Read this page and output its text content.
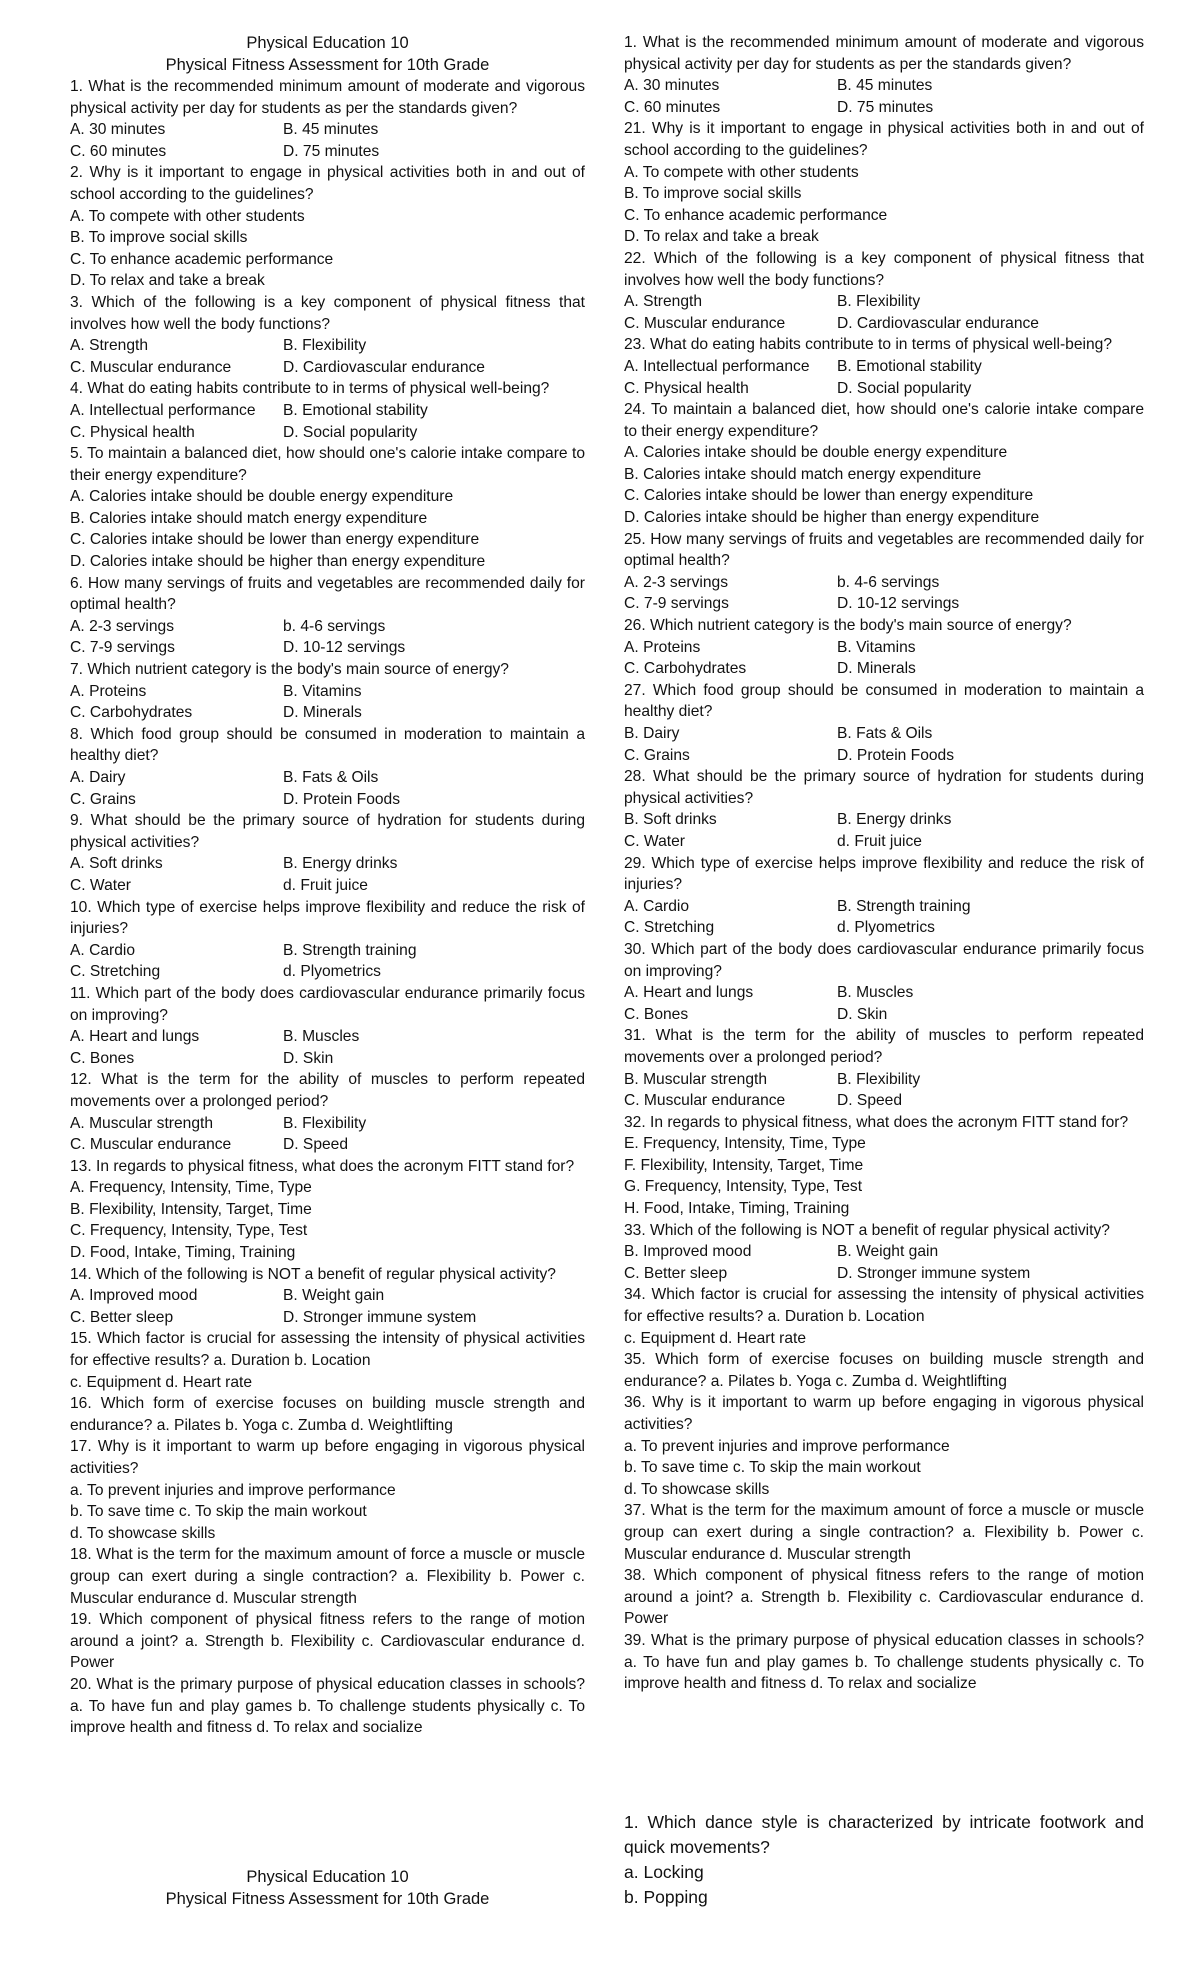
Physical Education 10
Physical Fitness Assessment for 10th Grade
1. What is the recommended minimum amount of moderate and vigorous physical activity per day for students as per the standards given?
A. 30 minutes	B. 45 minutes
C. 60 minutes	D. 75 minutes
2. Why is it important to engage in physical activities both in and out of school according to the guidelines?
A. To compete with other students
B. To improve social skills
C. To enhance academic performance
D. To relax and take a break
3. Which of the following is a key component of physical fitness that involves how well the body functions?
A. Strength	B. Flexibility
C. Muscular endurance	D. Cardiovascular endurance
4. What do eating habits contribute to in terms of physical well-being?
A. Intellectual performance	B. Emotional stability
C. Physical health	D. Social popularity
5. To maintain a balanced diet, how should one's calorie intake compare to their energy expenditure?
A. Calories intake should be double energy expenditure
B. Calories intake should match energy expenditure
C. Calories intake should be lower than energy expenditure
D. Calories intake should be higher than energy expenditure
6. How many servings of fruits and vegetables are recommended daily for optimal health?
A. 2-3 servings	b. 4-6 servings
C. 7-9 servings	D. 10-12 servings
7. Which nutrient category is the body's main source of energy?
A. Proteins	B. Vitamins
C. Carbohydrates	D. Minerals
8. Which food group should be consumed in moderation to maintain a healthy diet?
A. Dairy	B. Fats & Oils
C. Grains	D. Protein Foods
9. What should be the primary source of hydration for students during physical activities?
A. Soft drinks	B. Energy drinks
C. Water	d. Fruit juice
10. Which type of exercise helps improve flexibility and reduce the risk of injuries?
A. Cardio	B. Strength training
C. Stretching	d. Plyometrics
11. Which part of the body does cardiovascular endurance primarily focus on improving?
A. Heart and lungs	B. Muscles
C. Bones	D. Skin
12. What is the term for the ability of muscles to perform repeated movements over a prolonged period?
A. Muscular strength	B. Flexibility
C. Muscular endurance	D. Speed
13. In regards to physical fitness, what does the acronym FITT stand for?
A. Frequency, Intensity, Time, Type
B. Flexibility, Intensity, Target, Time
C. Frequency, Intensity, Type, Test
D. Food, Intake, Timing, Training
14. Which of the following is NOT a benefit of regular physical activity?
A. Improved mood	B. Weight gain
C. Better sleep	D. Stronger immune system
15. Which factor is crucial for assessing the intensity of physical activities for effective results? a. Duration b. Location
c. Equipment d. Heart rate
16. Which form of exercise focuses on building muscle strength and endurance? a. Pilates b. Yoga c. Zumba d. Weightlifting
17. Why is it important to warm up before engaging in vigorous physical activities?
a. To prevent injuries and improve performance
b. To save time c. To skip the main workout
d. To showcase skills
18. What is the term for the maximum amount of force a muscle or muscle group can exert during a single contraction? a. Flexibility b. Power c. Muscular endurance d. Muscular strength
19. Which component of physical fitness refers to the range of motion around a joint? a. Strength b. Flexibility c. Cardiovascular endurance d. Power
20. What is the primary purpose of physical education classes in schools? a. To have fun and play games b. To challenge students physically c. To improve health and fitness d. To relax and socialize
1. What is the recommended minimum amount of moderate and vigorous physical activity per day for students as per the standards given?
A. 30 minutes	B. 45 minutes
C. 60 minutes	D. 75 minutes
21. Why is it important to engage in physical activities both in and out of school according to the guidelines?
A. To compete with other students
B. To improve social skills
C. To enhance academic performance
D. To relax and take a break
22. Which of the following is a key component of physical fitness that involves how well the body functions?
A. Strength	B. Flexibility
C. Muscular endurance	D. Cardiovascular endurance
23. What do eating habits contribute to in terms of physical well-being?
A. Intellectual performance	B. Emotional stability
C. Physical health	D. Social popularity
24. To maintain a balanced diet, how should one's calorie intake compare to their energy expenditure?
A. Calories intake should be double energy expenditure
B. Calories intake should match energy expenditure
C. Calories intake should be lower than energy expenditure
D. Calories intake should be higher than energy expenditure
25. How many servings of fruits and vegetables are recommended daily for optimal health?
A. 2-3 servings	b. 4-6 servings
C. 7-9 servings	D. 10-12 servings
26. Which nutrient category is the body's main source of energy?
A. Proteins	B. Vitamins
C. Carbohydrates	D. Minerals
27. Which food group should be consumed in moderation to maintain a healthy diet?
B. Dairy	B. Fats & Oils
C. Grains	D. Protein Foods
28. What should be the primary source of hydration for students during physical activities?
B. Soft drinks	B. Energy drinks
C. Water	d. Fruit juice
29. Which type of exercise helps improve flexibility and reduce the risk of injuries?
A. Cardio	B. Strength training
C. Stretching	d. Plyometrics
30. Which part of the body does cardiovascular endurance primarily focus on improving?
A. Heart and lungs	B. Muscles
C. Bones	D. Skin
31. What is the term for the ability of muscles to perform repeated movements over a prolonged period?
B. Muscular strength	B. Flexibility
C. Muscular endurance	D. Speed
32. In regards to physical fitness, what does the acronym FITT stand for?
E. Frequency, Intensity, Time, Type
F. Flexibility, Intensity, Target, Time
G. Frequency, Intensity, Type, Test
H. Food, Intake, Timing, Training
33. Which of the following is NOT a benefit of regular physical activity?
B. Improved mood	B. Weight gain
C. Better sleep	D. Stronger immune system
34. Which factor is crucial for assessing the intensity of physical activities for effective results? a. Duration b. Location
c. Equipment d. Heart rate
35. Which form of exercise focuses on building muscle strength and endurance? a. Pilates b. Yoga c. Zumba d. Weightlifting
36. Why is it important to warm up before engaging in vigorous physical activities?
a. To prevent injuries and improve performance
b. To save time c. To skip the main workout
d. To showcase skills
37. What is the term for the maximum amount of force a muscle or muscle group can exert during a single contraction? a. Flexibility b. Power c. Muscular endurance d. Muscular strength
38. Which component of physical fitness refers to the range of motion around a joint? a. Strength b. Flexibility c. Cardiovascular endurance d. Power
39. What is the primary purpose of physical education classes in schools? a. To have fun and play games b. To challenge students physically c. To improve health and fitness d. To relax and socialize
1. Which dance style is characterized by intricate footwork and quick movements?
a. Locking
b. Popping
Physical Education 10
Physical Fitness Assessment for 10th Grade
